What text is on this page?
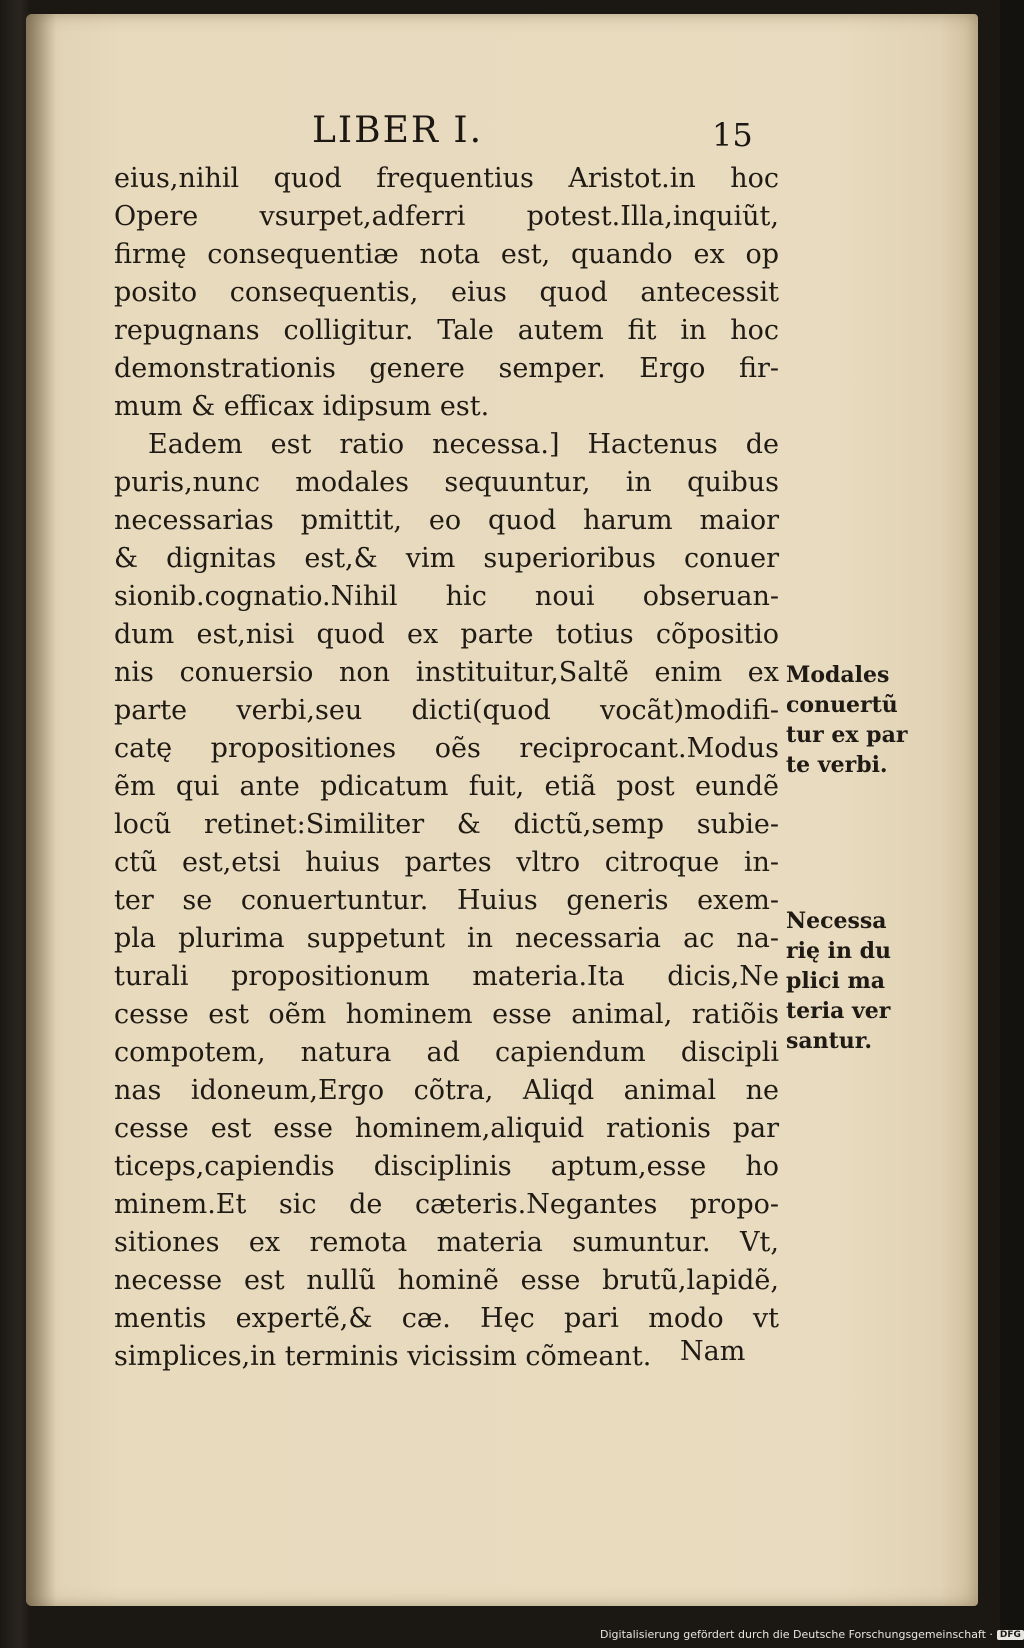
LIBER I.	15
eius,nihil quod frequentius Aristot.in hoc
Opere vsurpet,adferri potest.Illa,inquiũt,
firmę consequentiæ nota est, quando ex op
posito consequentis, eius quod antecessit
repugnans colligitur. Tale autem fit in hoc
demonstrationis genere semper. Ergo fir-
mum & efficax idipsum est.
Eadem est ratio necessa.] Hactenus de
puris,nunc modales sequuntur, in quibus
necessarias pmittit, eo quod harum maior
& dignitas est,& vim superioribus conuer
sionib.cognatio.Nihil hic noui obseruan-
dum est,nisi quod ex parte totius cõpositio
nis conuersio non instituitur,Saltẽ enim ex
parte verbi,seu dicti(quod vocãt)modifi-
catę propositiones oẽs reciprocant.Modus
ẽm qui ante pdicatum fuit, etiã post eundẽ
locũ retinet:Similiter & dictũ,semp subie-
ctũ est,etsi huius partes vltro citroque in-
ter se conuertuntur. Huius generis exem-
pla plurima suppetunt in necessaria ac na-
turali propositionum materia.Ita dicis,Ne
cesse est oẽm hominem esse animal, ratiõis
compotem, natura ad capiendum discipli
nas idoneum,Ergo cõtra, Aliqd animal ne
cesse est esse hominem,aliquid rationis par
ticeps,capiendis disciplinis aptum,esse ho
minem.Et sic de cæteris.Negantes propo-
sitiones ex remota materia sumuntur. Vt,
necesse est nullũ hominẽ esse brutũ,lapidẽ,
mentis expertẽ,& cæ. Hęc pari modo vt
simplices,in terminis vicissim cõmeant.	Nam
Modales
conuertũ
tur ex par
te verbi.
Necessa
rię in du
plici ma
teria ver
santur.
Digitalisierung gefördert durch die Deutsche Forschungsgemeinschaft · DFG
